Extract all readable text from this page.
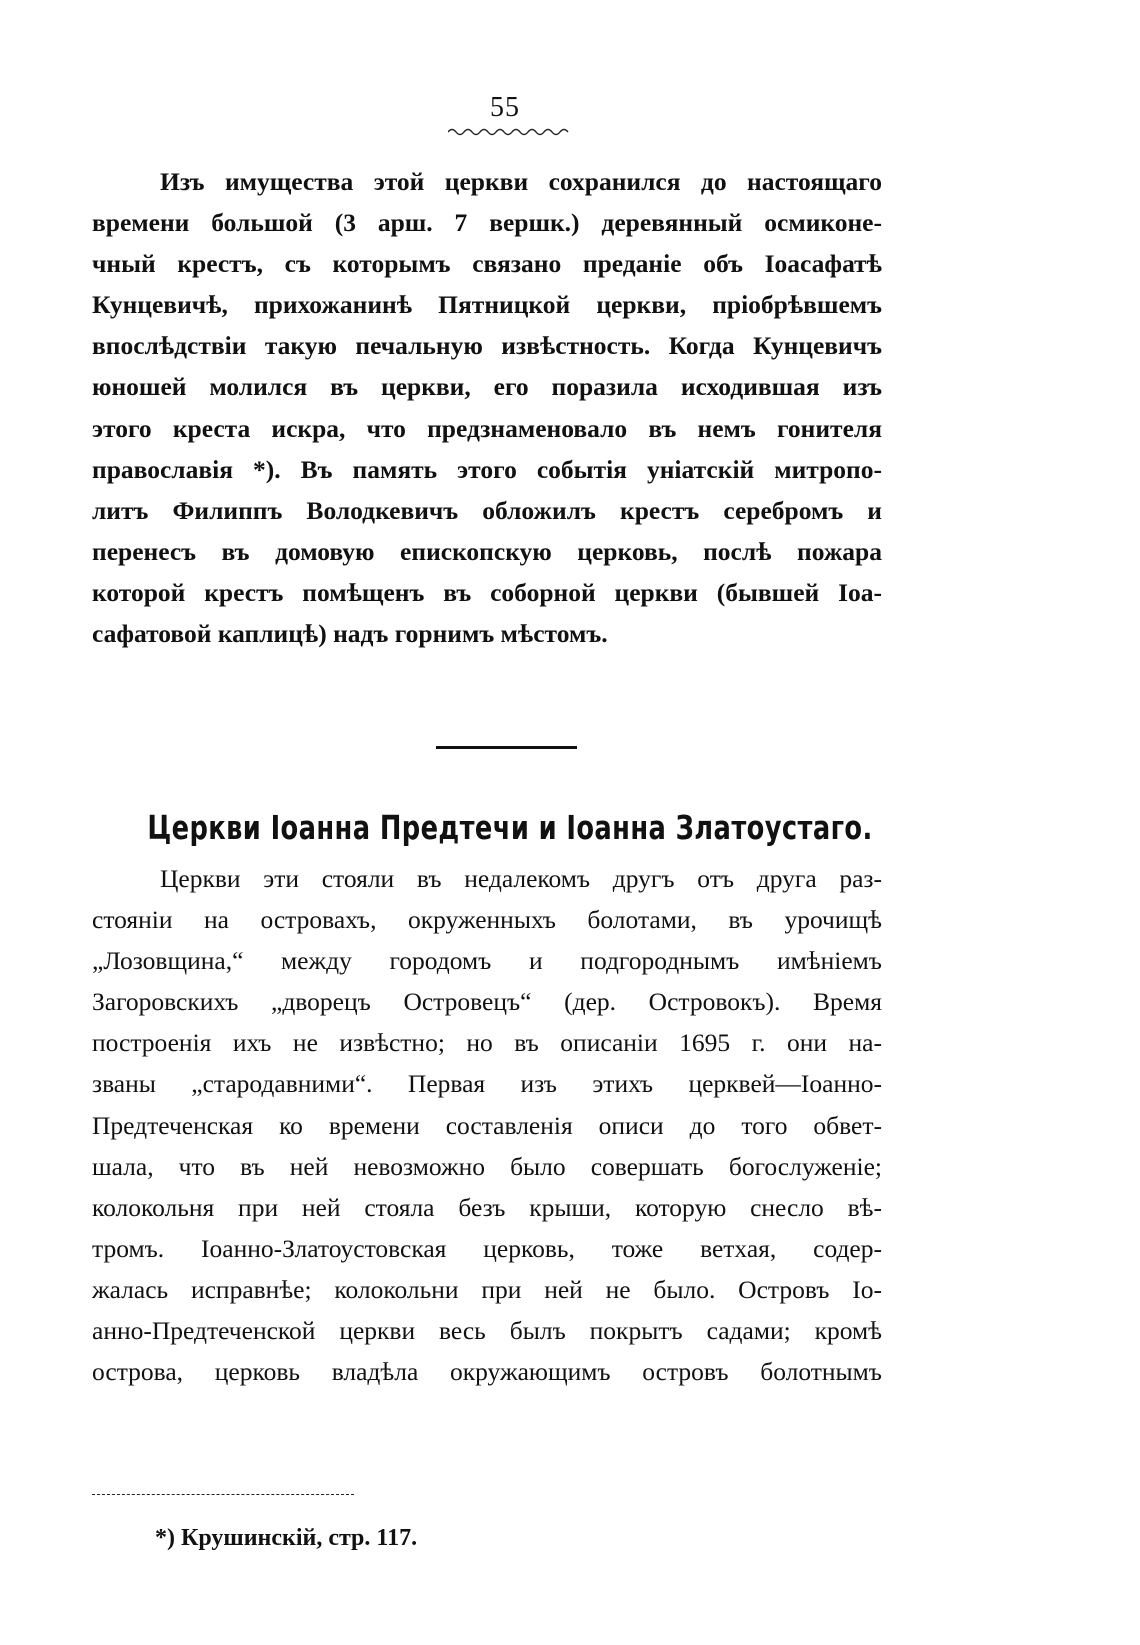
55
Изъ имущества этой церкви сохранился до настоящаго
времени большой (3 арш. 7 вершк.) деревянный осмиконе-
чный крестъ, съ которымъ связано преданіе объ Іоасафатѣ
Кунцевичѣ, прихожанинѣ Пятницкой церкви, пріобрѣвшемъ
впослѣдствіи такую печальную извѣстность. Когда Кунцевичъ
юношей молился въ церкви, его поразила исходившая изъ
этого креста искра, что предзнаменовало въ немъ гонителя
православія *). Въ память этого событія уніатскій митропо-
литъ Филиппъ Володкевичъ обложилъ крестъ серебромъ и
перенесъ въ домовую епископскую церковь, послѣ пожара
которой крестъ помѣщенъ въ соборной церкви (бывшей Іоа-
сафатовой каплицѣ) надъ горнимъ мѣстомъ.
Церкви Іоанна Предтечи и Іоанна Златоустаго.
Церкви эти стояли въ недалекомъ другъ отъ друга раз-
стояніи на островахъ, окруженныхъ болотами, въ урочищѣ
„Лозовщина,“ между городомъ и подгороднымъ имѣніемъ
Загоровскихъ „дворецъ Островецъ“ (дер. Островокъ). Время
построенія ихъ не извѣстно; но въ описаніи 1695 г. они на-
званы „стародавними“. Первая изъ этихъ церквей—Іоанно-
Предтеченская ко времени составленія описи до того обвет-
шала, что въ ней невозможно было совершать богослуженіе;
колокольня при ней стояла безъ крыши, которую снесло вѣ-
тромъ. Іоанно-Златоустовская церковь, тоже ветхая, содер-
жалась исправнѣе; колокольни при ней не было. Островъ Іо-
анно-Предтеченской церкви весь былъ покрытъ садами; кромѣ
острова, церковь владѣла окружающимъ островъ болотнымъ
*) Крушинскій, стр. 117.
